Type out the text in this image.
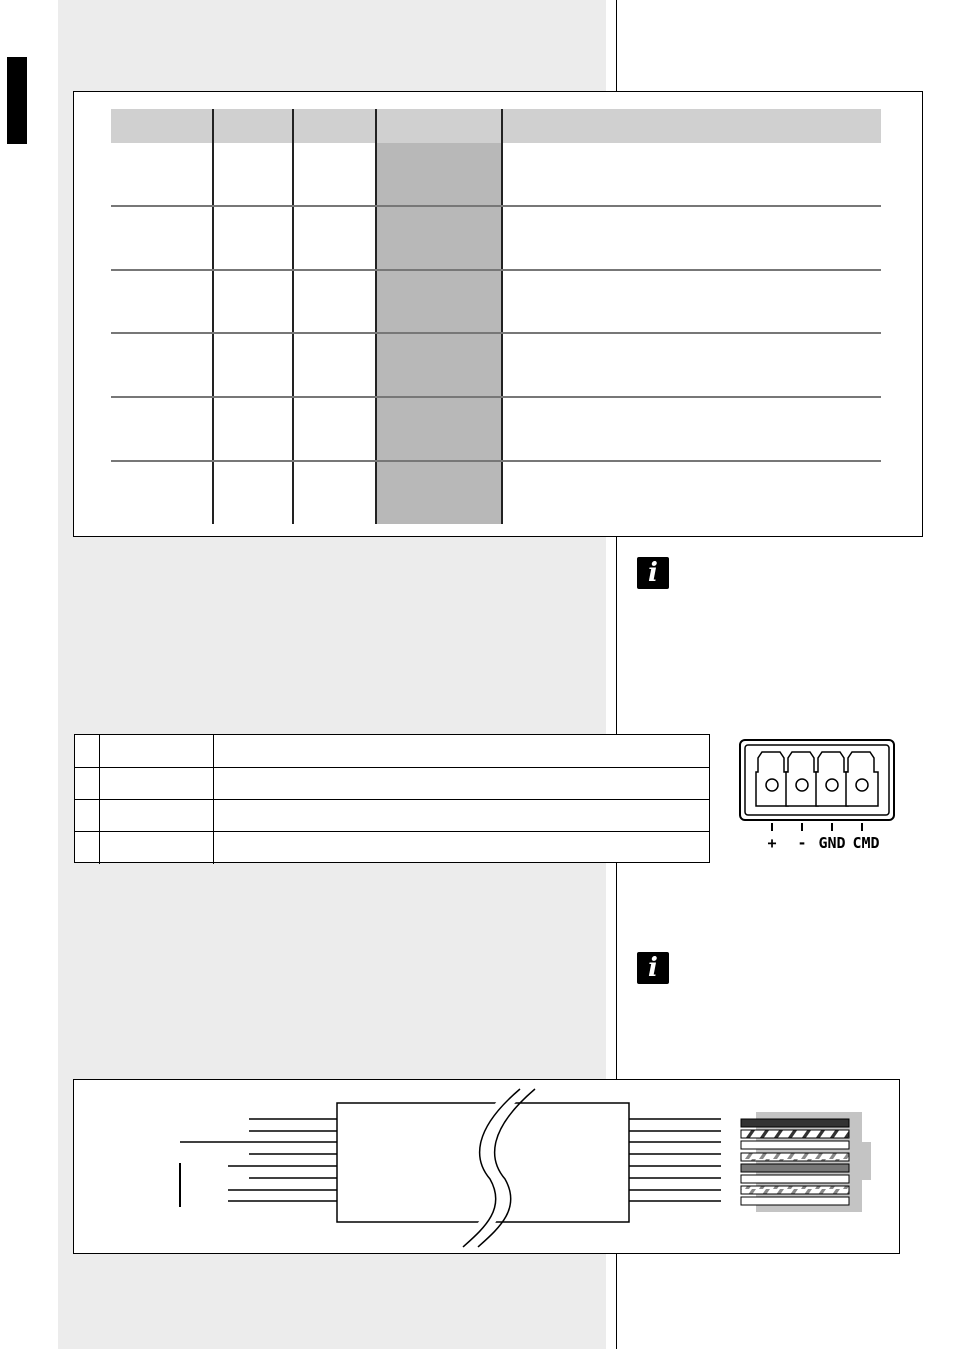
i
i
+	- GND CMD
